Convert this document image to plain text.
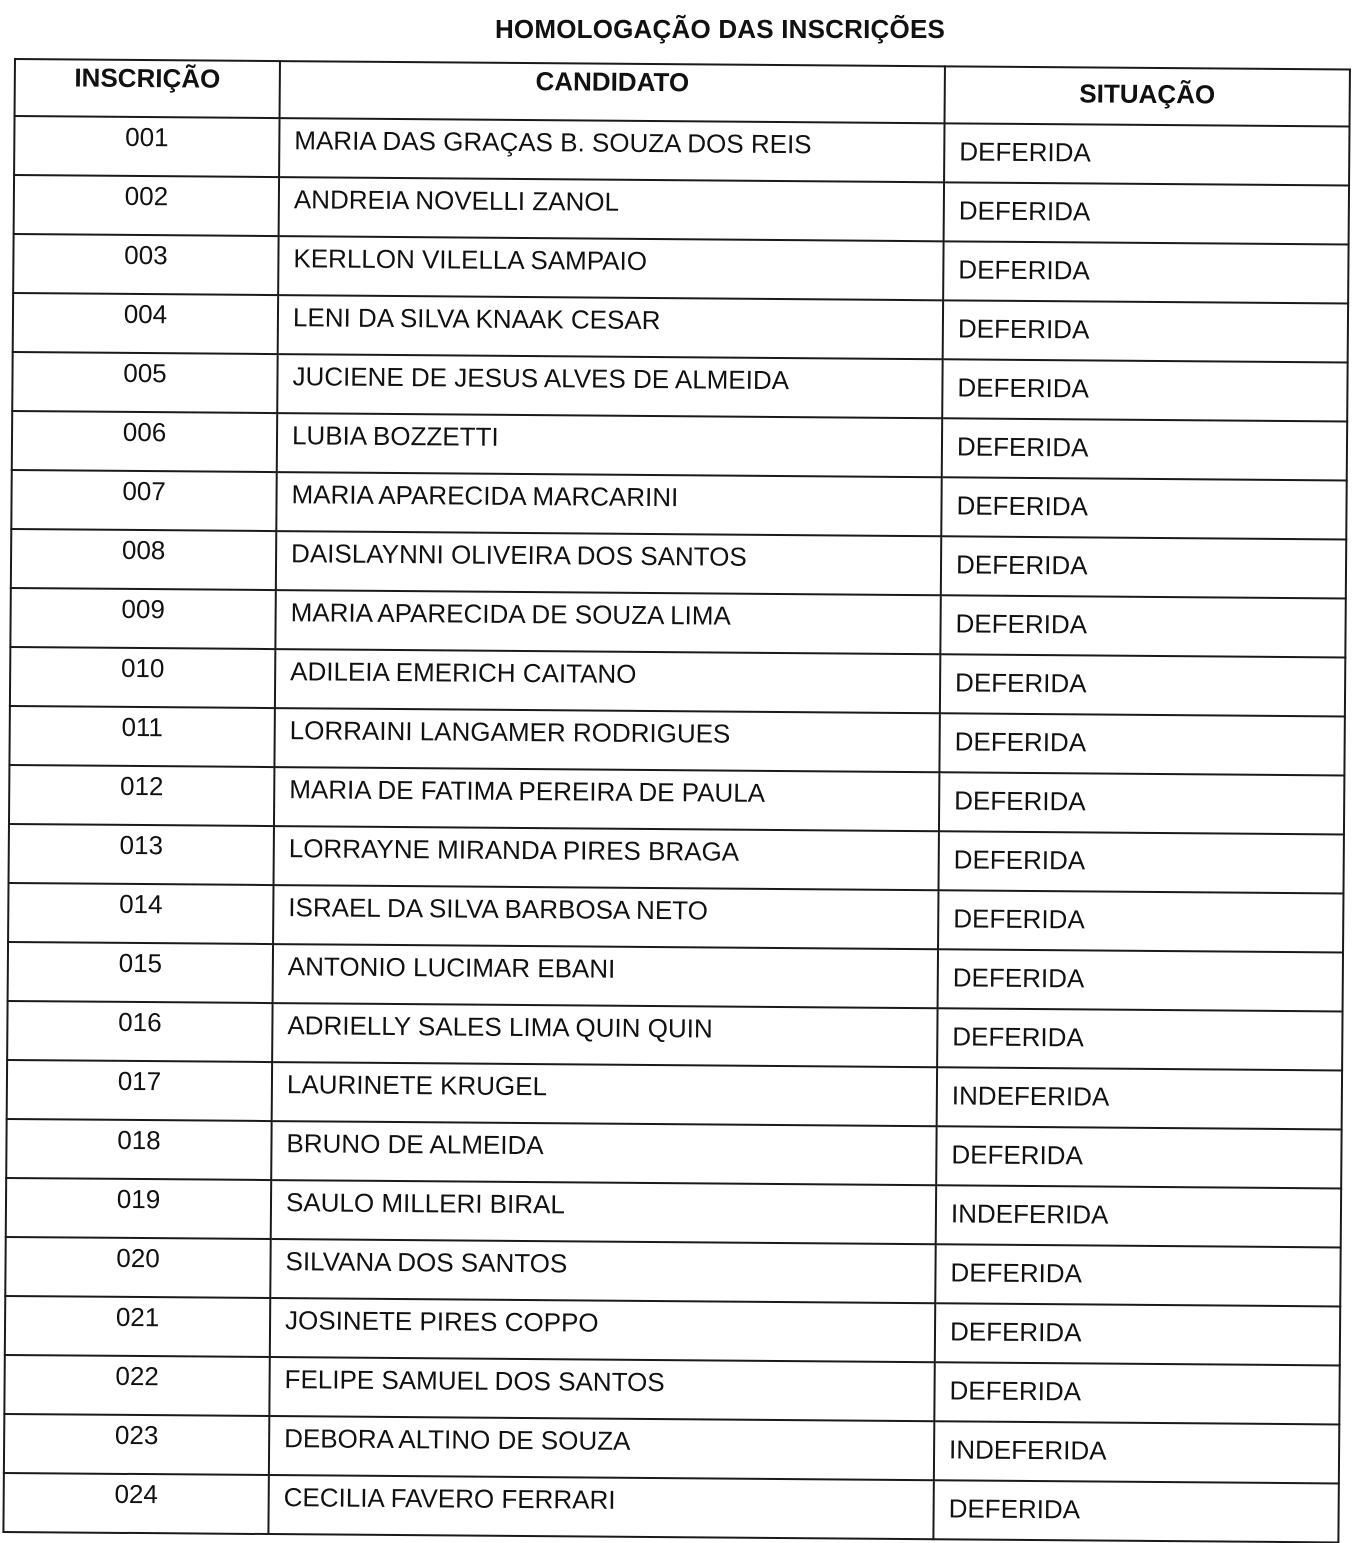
HOMOLOGAÇÃO DAS INSCRIÇÕES
INSCRIÇÃO	CANDIDATO	SITUAÇÃO
001	MARIA DAS GRAÇAS B. SOUZA DOS REIS	DEFERIDA
002	ANDREIA NOVELLI ZANOL	DEFERIDA
003	KERLLON VILELLA SAMPAIO	DEFERIDA
004	LENI DA SILVA KNAAK CESAR	DEFERIDA
005	JUCIENE DE JESUS ALVES DE ALMEIDA	DEFERIDA
006	LUBIA BOZZETTI	DEFERIDA
007	MARIA APARECIDA MARCARINI	DEFERIDA
008	DAISLAYNNI OLIVEIRA DOS SANTOS	DEFERIDA
009	MARIA APARECIDA DE SOUZA LIMA	DEFERIDA
010	ADILEIA EMERICH CAITANO	DEFERIDA
011	LORRAINI LANGAMER RODRIGUES	DEFERIDA
012	MARIA DE FATIMA PEREIRA DE PAULA	DEFERIDA
013	LORRAYNE MIRANDA PIRES BRAGA	DEFERIDA
014	ISRAEL DA SILVA BARBOSA NETO	DEFERIDA
015	ANTONIO LUCIMAR EBANI	DEFERIDA
016	ADRIELLY SALES LIMA QUIN QUIN	DEFERIDA
017	LAURINETE KRUGEL	INDEFERIDA
018	BRUNO DE ALMEIDA	DEFERIDA
019	SAULO MILLERI BIRAL	INDEFERIDA
020	SILVANA DOS SANTOS	DEFERIDA
021	JOSINETE PIRES COPPO	DEFERIDA
022	FELIPE SAMUEL DOS SANTOS	DEFERIDA
023	DEBORA ALTINO DE SOUZA	INDEFERIDA
024	CECILIA FAVERO FERRARI	DEFERIDA
